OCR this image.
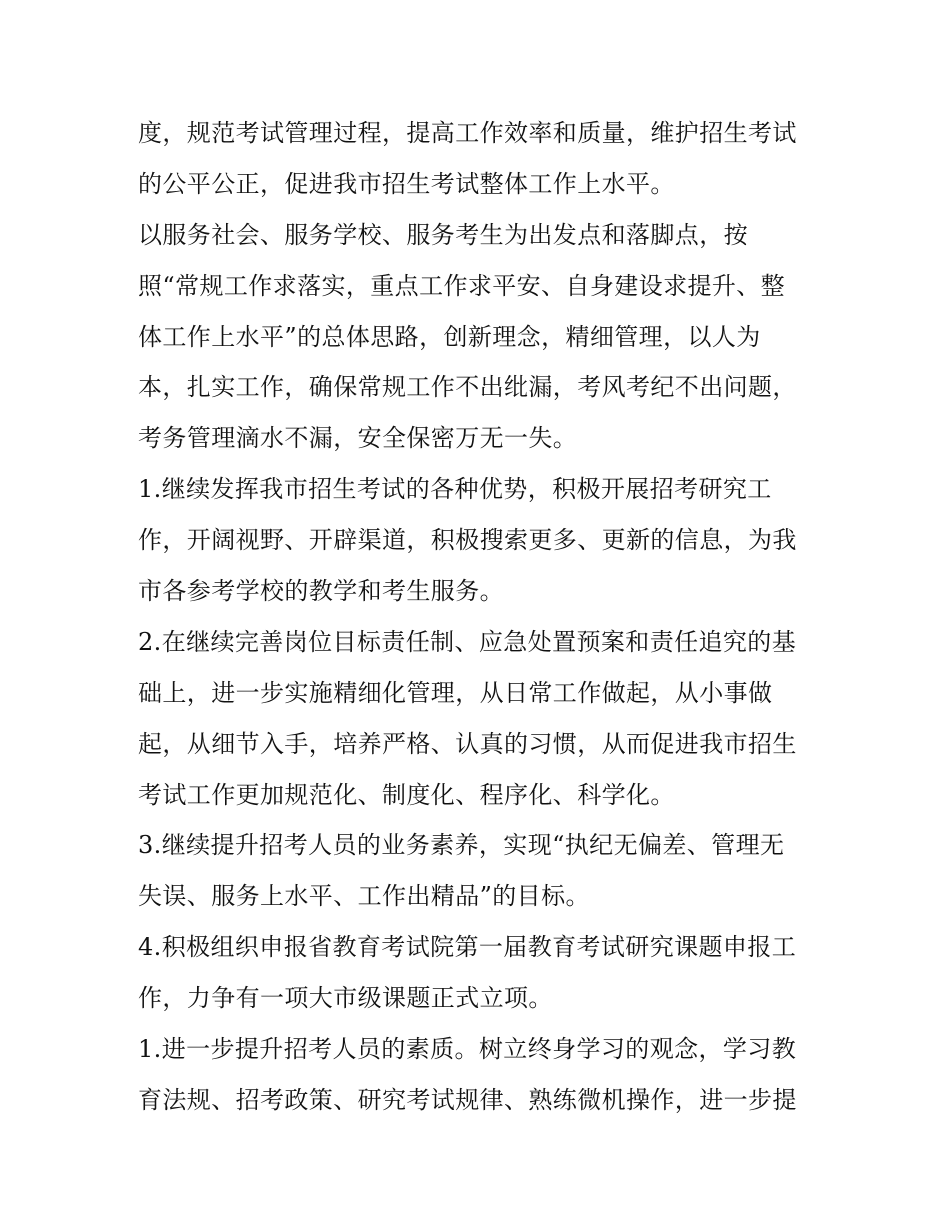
度，规范考试管理过程，提高工作效率和质量，维护招生考试
的公平公正，促进我市招生考试整体工作上水平。
以服务社会、服务学校、服务考生为出发点和落脚点，按
照“常规工作求落实，重点工作求平安、自身建设求提升、整
体工作上水平”的总体思路，创新理念，精细管理，以人为
本，扎实工作，确保常规工作不出纰漏，考风考纪不出问题，
考务管理滴水不漏，安全保密万无一失。
1.继续发挥我市招生考试的各种优势，积极开展招考研究工
作，开阔视野、开辟渠道，积极搜索更多、更新的信息，为我
市各参考学校的教学和考生服务。
2.在继续完善岗位目标责任制、应急处置预案和责任追究的基
础上，进一步实施精细化管理，从日常工作做起，从小事做
起，从细节入手，培养严格、认真的习惯，从而促进我市招生
考试工作更加规范化、制度化、程序化、科学化。
3.继续提升招考人员的业务素养，实现“执纪无偏差、管理无
失误、服务上水平、工作出精品”的目标。
4.积极组织申报省教育考试院第一届教育考试研究课题申报工
作，力争有一项大市级课题正式立项。
1.进一步提升招考人员的素质。树立终身学习的观念，学习教
育法规、招考政策、研究考试规律、熟练微机操作，进一步提
